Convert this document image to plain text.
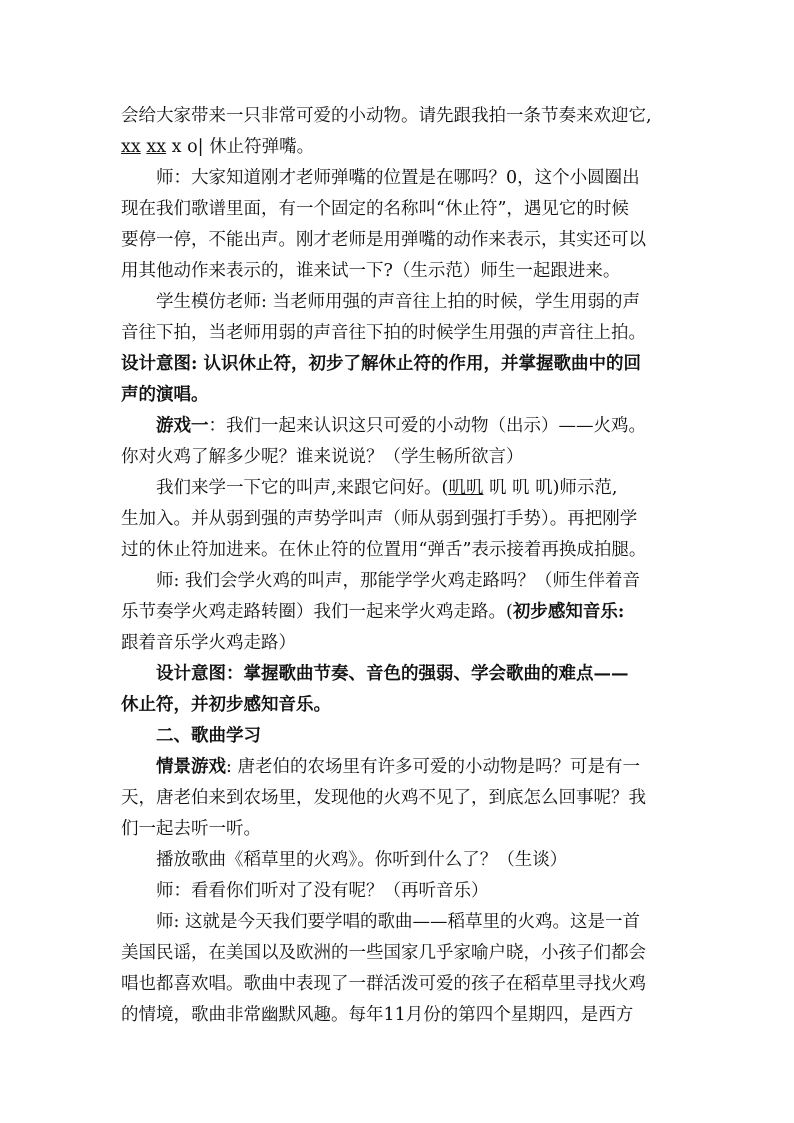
会给大家带来一只非常可爱的小动物。请先跟我拍一条节奏来欢迎它,
xx xx x o| 休止符弹嘴。
师：大家知道刚才老师弹嘴的位置是在哪吗？0，这个小圆圈出
现在我们歌谱里面，有一个固定的名称叫“休止符”，遇见它的时候
要停一停，不能出声。刚才老师是用弹嘴的动作来表示，其实还可以
用其他动作来表示的，谁来试一下?（生示范）师生一起跟进来。
学生模仿老师: 当老师用强的声音往上拍的时候，学生用弱的声
音往下拍，当老师用弱的声音往下拍的时候学生用强的声音往上拍。
设计意图: 认识休止符，初步了解休止符的作用，并掌握歌曲中的回
声的演唱。
游戏一：我们一起来认识这只可爱的小动物（出示）——火鸡。
你对火鸡了解多少呢？谁来说说？（学生畅所欲言）
我们来学一下它的叫声,来跟它问好。(叽叽 叽 叽 叽)师示范,
生加入。并从弱到强的声势学叫声（师从弱到强打手势）。再把刚学
过的休止符加进来。在休止符的位置用“弹舌”表示接着再换成拍腿。
师: 我们会学火鸡的叫声，那能学学火鸡走路吗？（师生伴着音
乐节奏学火鸡走路转圈）我们一起来学火鸡走路。(初步感知音乐:
跟着音乐学火鸡走路）
设计意图：掌握歌曲节奏、音色的强弱、学会歌曲的难点——
休止符，并初步感知音乐。
二、歌曲学习
情景游戏: 唐老伯的农场里有许多可爱的小动物是吗？可是有一
天，唐老伯来到农场里，发现他的火鸡不见了，到底怎么回事呢？我
们一起去听一听。
播放歌曲《稻草里的火鸡》。你听到什么了？（生谈）
师：看看你们听对了没有呢？（再听音乐）
师: 这就是今天我们要学唱的歌曲——稻草里的火鸡。这是一首
美国民谣，在美国以及欧洲的一些国家几乎家喻户晓，小孩子们都会
唱也都喜欢唱。歌曲中表现了一群活泼可爱的孩子在稻草里寻找火鸡
的情境，歌曲非常幽默风趣。每年11月份的第四个星期四，是西方
